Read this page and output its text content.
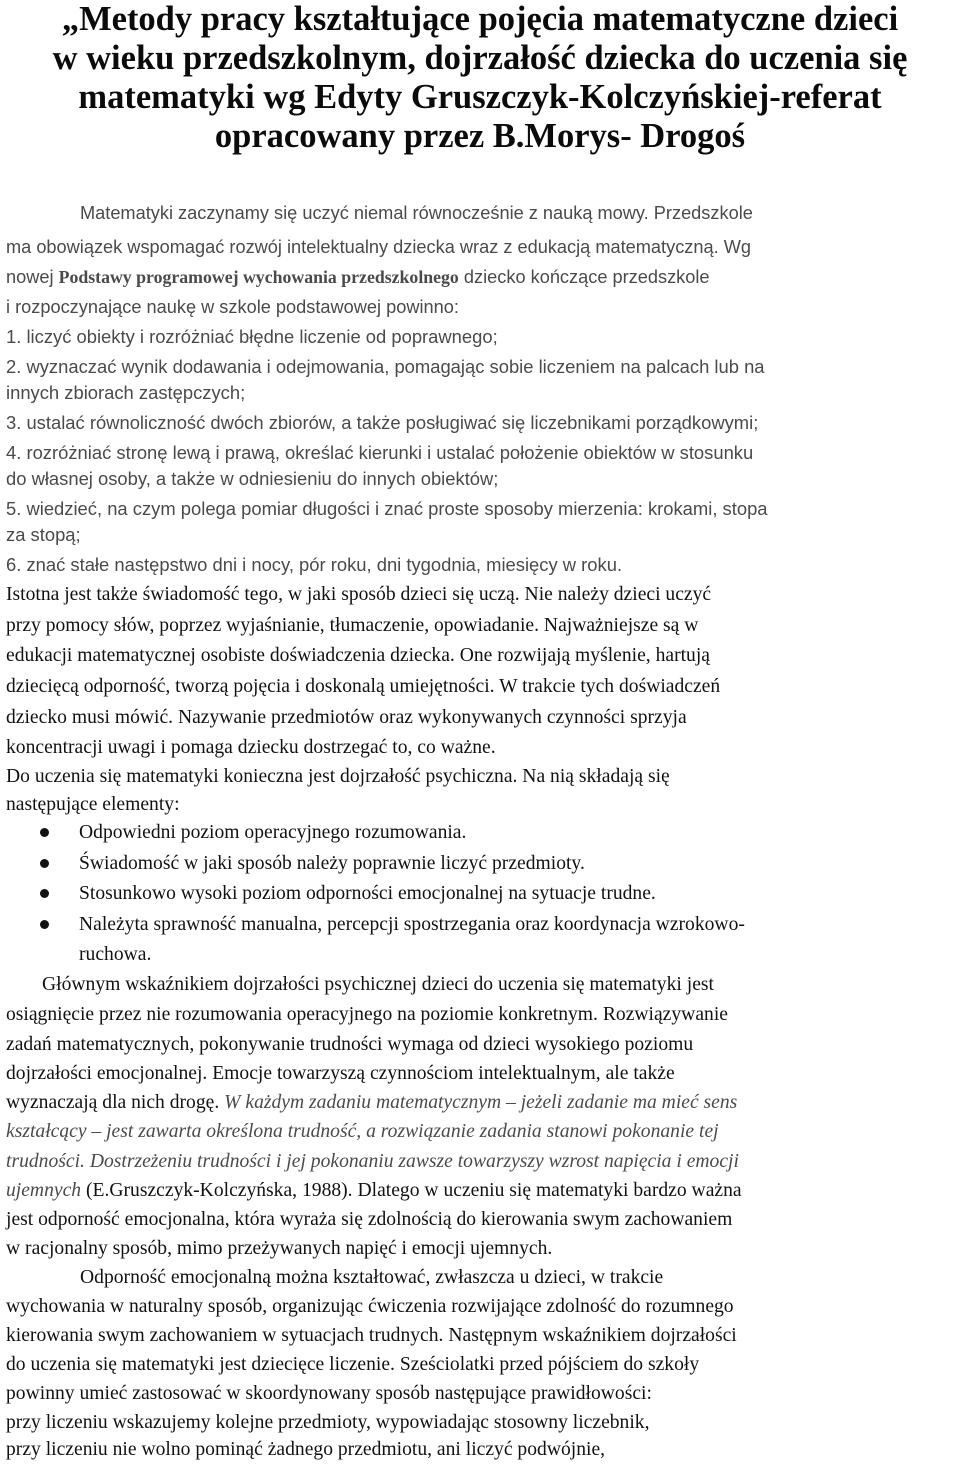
„Metody pracy kształtujące pojęcia matematyczne dzieci
w wieku przedszkolnym, dojrzałość dziecka do uczenia się
matematyki wg Edyty Gruszczyk-Kolczyńskiej-referat
opracowany przez B.Morys- Drogoś
Matematyki zaczynamy się uczyć niemal równocześnie z nauką mowy. Przedszkole
ma obowiązek wspomagać rozwój intelektualny dziecka wraz z edukacją matematyczną. Wg
nowej Podstawy programowej wychowania przedszkolnego dziecko kończące przedszkole
i rozpoczynające naukę w szkole podstawowej powinno:
1. liczyć obiekty i rozróżniać błędne liczenie od poprawnego;
2. wyznaczać wynik dodawania i odejmowania, pomagając sobie liczeniem na palcach lub na
innych zbiorach zastępczych;
3. ustalać równoliczność dwóch zbiorów, a także posługiwać się liczebnikami porządkowymi;
4. rozróżniać stronę lewą i prawą, określać kierunki i ustalać położenie obiektów w stosunku
do własnej osoby, a także w odniesieniu do innych obiektów;
5. wiedzieć, na czym polega pomiar długości i znać proste sposoby mierzenia: krokami, stopa
za stopą;
6. znać stałe następstwo dni i nocy, pór roku, dni tygodnia, miesięcy w roku.
Istotna jest także świadomość tego, w jaki sposób dzieci się uczą. Nie należy dzieci uczyć
przy pomocy słów, poprzez wyjaśnianie, tłumaczenie, opowiadanie. Najważniejsze są w
edukacji matematycznej osobiste doświadczenia dziecka. One rozwijają myślenie, hartują
dziecięcą odporność, tworzą pojęcia i doskonalą umiejętności. W trakcie tych doświadczeń
dziecko musi mówić. Nazywanie przedmiotów oraz wykonywanych czynności sprzyja
koncentracji uwagi i pomaga dziecku dostrzegać to, co ważne.
Do uczenia się matematyki konieczna jest dojrzałość psychiczna. Na nią składają się
następujące elementy:
Odpowiedni poziom operacyjnego rozumowania.
Świadomość w jaki sposób należy poprawnie liczyć przedmioty.
Stosunkowo wysoki poziom odporności emocjonalnej na sytuacje trudne.
Należyta sprawność manualna, percepcji spostrzegania oraz koordynacja wzrokowo-
ruchowa.
Głównym wskaźnikiem dojrzałości psychicznej dzieci do uczenia się matematyki jest
osiągnięcie przez nie rozumowania operacyjnego na poziomie konkretnym. Rozwiązywanie
zadań matematycznych, pokonywanie trudności wymaga od dzieci wysokiego poziomu
dojrzałości emocjonalnej. Emocje towarzyszą czynnościom intelektualnym, ale także
wyznaczają dla nich drogę. W każdym zadaniu matematycznym – jeżeli zadanie ma mieć sens
kształcący – jest zawarta określona trudność, a rozwiązanie zadania stanowi pokonanie tej
trudności. Dostrzeżeniu trudności i jej pokonaniu zawsze towarzyszy wzrost napięcia i emocji
ujemnych (E.Gruszczyk-Kolczyńska, 1988). Dlatego w uczeniu się matematyki bardzo ważna
jest odporność emocjonalna, która wyraża się zdolnością do kierowania swym zachowaniem
w racjonalny sposób, mimo przeżywanych napięć i emocji ujemnych.
Odporność emocjonalną można kształtować, zwłaszcza u dzieci, w trakcie
wychowania w naturalny sposób, organizując ćwiczenia rozwijające zdolność do rozumnego
kierowania swym zachowaniem w sytuacjach trudnych. Następnym wskaźnikiem dojrzałości
do uczenia się matematyki jest dziecięce liczenie. Sześciolatki przed pójściem do szkoły
powinny umieć zastosować w skoordynowany sposób następujące prawidłowości:
przy liczeniu wskazujemy kolejne przedmioty, wypowiadając stosowny liczebnik,
przy liczeniu nie wolno pominąć żadnego przedmiotu, ani liczyć podwójnie,
